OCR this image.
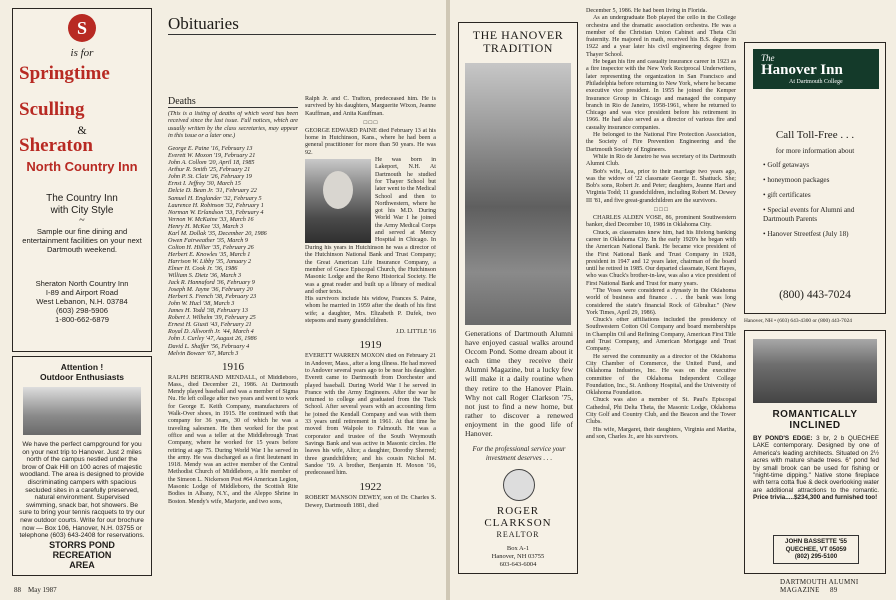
S
is for
Springtime
Sculling
&
Sheraton
North Country Inn
The Country Inn
with City Style
~
Sample our fine dining and entertainment facilities on your next Dartmouth weekend.
Sheraton North Country Inn
I-89 and Airport Road
West Lebanon, N.H. 03784
(603) 298-5906
1-800-662-6879
Attention !
Outdoor Enthusiasts
We have the perfect campground for you on your next trip to Hanover. Just 2 miles north of the campus nestled under the brow of Oak Hill on 100 acres of majestic woodland. The area is designed to provide discriminating campers with spacious secluded sites in a carefully preserved, natural environment. Supervised swimming, snack bar, hot showers. Be sure to bring your tennis racquets to try our new outdoor courts. Write for our brochure now — Box 106, Hanover, N.H. 03755 or telephone (603) 643-2408 for reservations.
STORRS POND
RECREATION
AREA
Obituaries
Deaths
(This is a listing of deaths of which word has been received since the last issue. Full notices, which are usually written by the class secretaries, may appear in this issue or a later one.)
George E. Paine '16, February 13
Everett W. Moxon '19, February 21
John A. Collom '20, April 18, 1985
Arthur R. Smith '25, February 21
John P. St. Clair '26, February 19
Ernst I. Jeffrey '30, March 15
Delcie D. Bean Jr. '31, February 22
Samuel H. Englander '32, February 5
Laurence H. Robinson '32, February 1
Norman W. Erlandson '33, February 4
Vernon W. McKaine '33, March 16
Henry H. McKee '33, March 3
Karl M. Dollak '35, December 20, 1986
Owen Fairweather '35, March 9
Colton H. Hillier '35, February 26
Herbert E. Knowles '35, March 1
Harrison W. Libby '35, January 2
Elmer H. Cook Jr. '36, 1986
William S. Dietz '36, March 3
Jack R. Hannaford '36, February 9
Joseph M. Jayne '36, February 20
Herbert S. French '38, February 23
John W. Hucl '38, March 3
James H. Todd '38, February 13
Robert J. Wilhelm '39, February 25
Ernest H. Giusti '43, February 21
Royal D. Allworth Jr. '44, March 4
John J. Curley '47, August 26, 1986
David L. Shaffer '56, February 4
Melvin Bowzer '67, March 3
1916
RALPH BERTRAND MENDALL, of Middleboro, Mass., died December 21, 1986. At Dartmouth Mendy played baseball and was a member of Sigma Nu. He left college after two years and went to work for George E. Keith Company, manufacturers of Walk-Over shoes, in 1915. He continued with that company for 36 years, 30 of which he was a traveling salesmen. He then worked for the post office and was a teller at the Middlebrough Trust Company, where he worked for 15 years before retiring at age 75. During World War I he served in the army. He was discharged as a first lieutenant in 1918. Mendy was an active member of the Central Methodist Church of Middleboro, a life member of the Simeon L. Nickerson Post #64 American Legion, Masonic Lodge of Middleboro, the Scottish Rite Bodies in Albany, N.Y., and the Aleppo Shrine in Boston. Mendy's wife, Marjorie, and two sons,
Ralph Jr. and C. Trafton, predeceased him. He is survived by his daughters, Marguerite Wixon, Jeanne Kauffman, and Anita Kauffman.
□ □ □
GEORGE EDWARD PAINE died February 13 at his home in Hutchinson, Kans., where he had been a general practitioner for more than 50 years. He was 92.
He was born in Lakeport, N.H. At Dartmouth he studied for Thayer School but later went to the Medical School and then to Northwestern, where he got his M.D. During World War I he joined the Army Medical Corps and served at Mercy Hospital in Chicago. In
During his years in Hutchinson he was a director of the Hutchinson National Bank and Trust Company; the Great American Life Insurance Company, a member of Grace Episcopal Church, the Hutchinson Masonic Lodge and the Reno Historical Society. He was a great reader and built up a library of medical and other texts.
His survivors include his widow, Frances S. Paine, whom he married in 1959 after the death of his first wife; a daughter, Mrs. Elizabeth P. Dufek, two stepsons and many grandchildren.
J.D. LITTLE '16
1919
EVERETT WARREN MOXON died on February 21 in Andover, Mass., after a long illness. He had moved to Andover several years ago to be near his daughter. Everett came to Dartmouth from Dorchester and played baseball. During World War I he served in France with the Army Engineers. After the war he returned to college and graduated from the Tuck School. After several years with an accounting firm he joined the Kendall Company and was with them 33 years until retirement in 1961. At that time he moved from Walpole to Falmouth. He was a corporator and trustee of the South Weymouth Savings Bank and was active in Masonic circles. He leaves his wife, Alice; a daughter, Dorothy Sherred; three grandchildren; and his cousin Nichol M. Sandoe '19. A brother, Benjamin H. Moxon '16, predeceased him.
1922
ROBERT MANSON DEWEY, son of Dr. Charles S. Dewey, Dartmouth 1881, died
88 May 1987
THE HANOVER
TRADITION
Generations of Dartmouth Alumni have enjoyed casual walks around Occom Pond. Some dream about it each time they receive their Alumni Magazine, but a lucky few will make it a daily routine when they retire to the Hanover Plain. Why not call Roger Clarkson '75, not just to find a new home, but rather to discover a renewed enjoyment in the good life of Hanover.
For the professional service your investment deserves . . .
ROGER
CLARKSON
REALTOR
Box A-1
Hanover, NH 03755
603-643-6004
December 5, 1986. He had been living in Florida.

As an undergraduate Bob played the cello in the College orchestra and the dramatic association orchestra. He was a member of the Christian Union Cabinet and Theta Chi fraternity. He majored in math, received his B.S. degree in 1922 and a year later his civil engineering degree from Thayer School.

He began his fire and casualty insurance career in 1923 as a fire inspector with the New York Reciprocal Underwriters, later representing the organization in San Francisco and Philadelphia before returning to New York, where he became executive vice president. In 1955 he joined the Kemper Insurance Group in Chicago and managed the company branch in Rio de Janeiro, 1958-1961, where he returned to Chicago and was vice president before his retirement in 1966. He had also served as a director of various fire and casualty insurance companies.

He belonged to the National Fire Protection Association, the Society of Fire Prevention Engineering and the Dartmouth Society of Engineers.

While in Rio de Janeiro he was secretary of its Dartmouth Alumni Club.

Bob's wife, Lea, prior to their marriage two years ago, was the widow of '22 classmate George E. Shattuck. She; Bob's sons, Robert Jr. and Peter; daughters, Jeanne Hart and Virginia Todd; 11 grandchildren, including Robert M. Dewey III '81, and five great-grandchildren are the survivors.

□ □ □

CHARLES ALDEN VOSE, 86, prominent Southwestern banker, died December 10, 1986 in Oklahoma City.

Chuck, as classmates knew him, had his lifelong banking career in Oklahoma City. In the early 1920's he began with the American National Bank. He became vice president of the First National Bank and Trust Company in 1928, president in 1947 and 12 years later, chairman of the board until he retired in 1985. Our departed classmate, Kent Hayes, who was Chuck's brother-in-law, was also a vice president of First National Bank and Trust for many years.

"The Voses were considered a dynasty in the Oklahoma world of business and finance . . . the bank was long considered the state's financial Rock of Gibraltar." (New York Times, April 29, 1986).

Chuck's other affiliations included the presidency of Southwestern Cotton Oil Company and board memberships in Champlin Oil and Refining Company, American First Title and Trust Company, and American Mortgage and Trust Company.

He served the community as a director of the Oklahoma City Chamber of Commerce, the United Fund, and Oklahoma Industries, Inc. He was on the executive committee of the Oklahoma Independent College Foundation, Inc., St. Anthony Hospital, and the University of Oklahoma Foundation.

Chuck was also a member of St. Paul's Episcopal Cathedral, Phi Delta Theta, the Masonic Lodge, Oklahoma City Golf and Country Club, and the Beacon and the Tower Clubs.

His wife, Margaret, their daughters, Virginia and Martha, and son, Charles Jr., are his survivors.

The
Hanover Inn
At Dartmouth College
Call Toll-Free . . .
for more information about
• Golf getaways
• honeymoon packages
• gift certificates
• Special events for Alumni and Dartmouth Parents
• Hanover Streetfest (July 18)
(800) 443-7024
Hanover, NH • (603) 643-4300 or (800) 443-7024
ROMANTICALLY
INCLINED
BY POND'S EDGE: 3 br, 2 b QUECHEE LAKE contemporary. Designed by one of America's leading architects. Situated on 2½ acres with mature shade trees. 6" pond fed by small brook can be used for fishing or "night-time dipping." Native stone fireplace with terra cotta flue & deck overlooking water are additional attractions to the romantic. Price trivia.....$234,300 and furnished too!
JOHN BASSETTE '55
QUECHEE, VT 05059
(802) 295-5100
DARTMOUTH ALUMNI MAGAZINE 89
